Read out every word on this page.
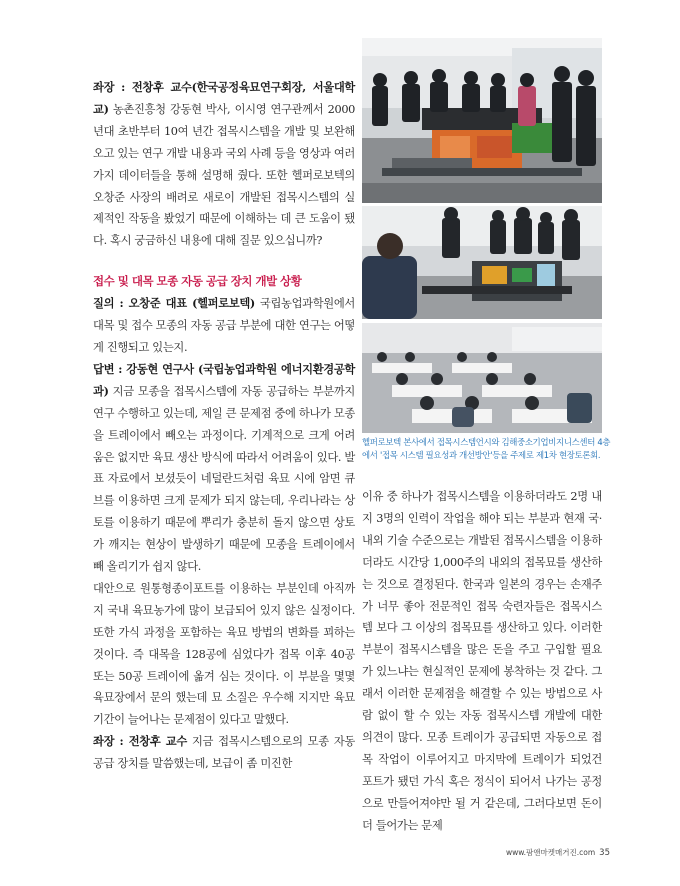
좌장 : 전창후 교수(한국공정육묘연구회장, 서울대학교) 농촌진흥청 강동현 박사, 이시영 연구관께서 2000년대 초반부터 10여 년간 접목시스템을 개발 및 보완해 오고 있는 연구 개발 내용과 국외 사례 등을 영상과 여러 가지 데이터들을 통해 설명해 줬다. 또한 헬퍼로보텍의 오창준 사장의 배려로 새로이 개발된 접목시스템의 실제적인 작동을 봤었기 때문에 이해하는 데 큰 도움이 됐다. 혹시 궁금하신 내용에 대해 질문 있으십니까?

접수 및 대목 모종 자동 공급 장치 개발 상황

질의 : 오창준 대표 (헬퍼로보텍) 국립농업과학원에서 대목 및 접수 모종의 자동 공급 부분에 대한 연구는 어떻게 진행되고 있는지.

답변 : 강동현 연구사 (국립농업과학원 에너지환경공학과) 지금 모종을 접목시스템에 자동 공급하는 부분까지 연구 수행하고 있는데, 제일 큰 문제점 중에 하나가 모종을 트레이에서 빼오는 과정이다. 기계적으로 크게 어려움은 없지만 육묘 생산 방식에 따라서 어려움이 있다. 발표 자료에서 보셨듯이 네덜란드처럼 육묘 시에 암면 큐브를 이용하면 크게 문제가 되지 않는데, 우리나라는 상토를 이용하기 때문에 뿌리가 충분히 돌지 않으면 상토가 깨지는 현상이 발생하기 때문에 모종을 트레이에서 빼 올리기가 쉽지 않다.

대안으로 원통형종이포트를 이용하는 부분인데 아직까지 국내 육묘농가에 많이 보급되어 있지 않은 실정이다. 또한 가식 과정을 포함하는 육묘 방법의 변화를 꾀하는 것이다. 즉 대목을 128공에 심었다가 접목 이후 40공 또는 50공 트레이에 옮겨 심는 것이다. 이 부분을 몇몇 육묘장에서 문의 했는데 묘 소질은 우수해 지지만 육묘 기간이 늘어나는 문제점이 있다고 말했다.

좌장 : 전창후 교수 지금 접목시스템으로의 모종 자동 공급 장치를 말씀했는데, 보급이 좀 미진한

헬퍼로보텍 본사에서 접목시스템언시와 김해중소기업비지니스센터 4층
에서 '접목 시스템 필요성과 개선방안'등을 주제로 제1차 현장토론회.

이유 중 하나가 접목시스템을 이용하더라도 2명 내지 3명의 인력이 작업을 해야 되는 부분과 현재 국·내외 기술 수준으로는 개발된 접목시스템을 이용하더라도 시간당 1,000주의 내외의 접목묘를 생산하는 것으로 결정된다. 한국과 일본의 경우는 손재주가 너무 좋아 전문적인 접목 숙련자들은 접목시스템 보다 그 이상의 접목묘를 생산하고 있다. 이러한 부분이 접목시스템을 많은 돈을 주고 구입할 필요가 있느냐는 현실적인 문제에 봉착하는 것 같다. 그래서 이러한 문제점을 해결할 수 있는 방법으로 사람 없이 할 수 있는 자동 접목시스템 개발에 대한 의견이 많다. 모종 트레이가 공급되면 자동으로 접목 작업이 이루어지고 마지막에 트레이가 되었건 포트가 됐던 가식 혹은 정식이 되어서 나가는 공정으로 만들어져야만 될 거 같은데, 그러다보면 돈이 더 들어가는 문제

www.팜앤마켓매거진.com 35
